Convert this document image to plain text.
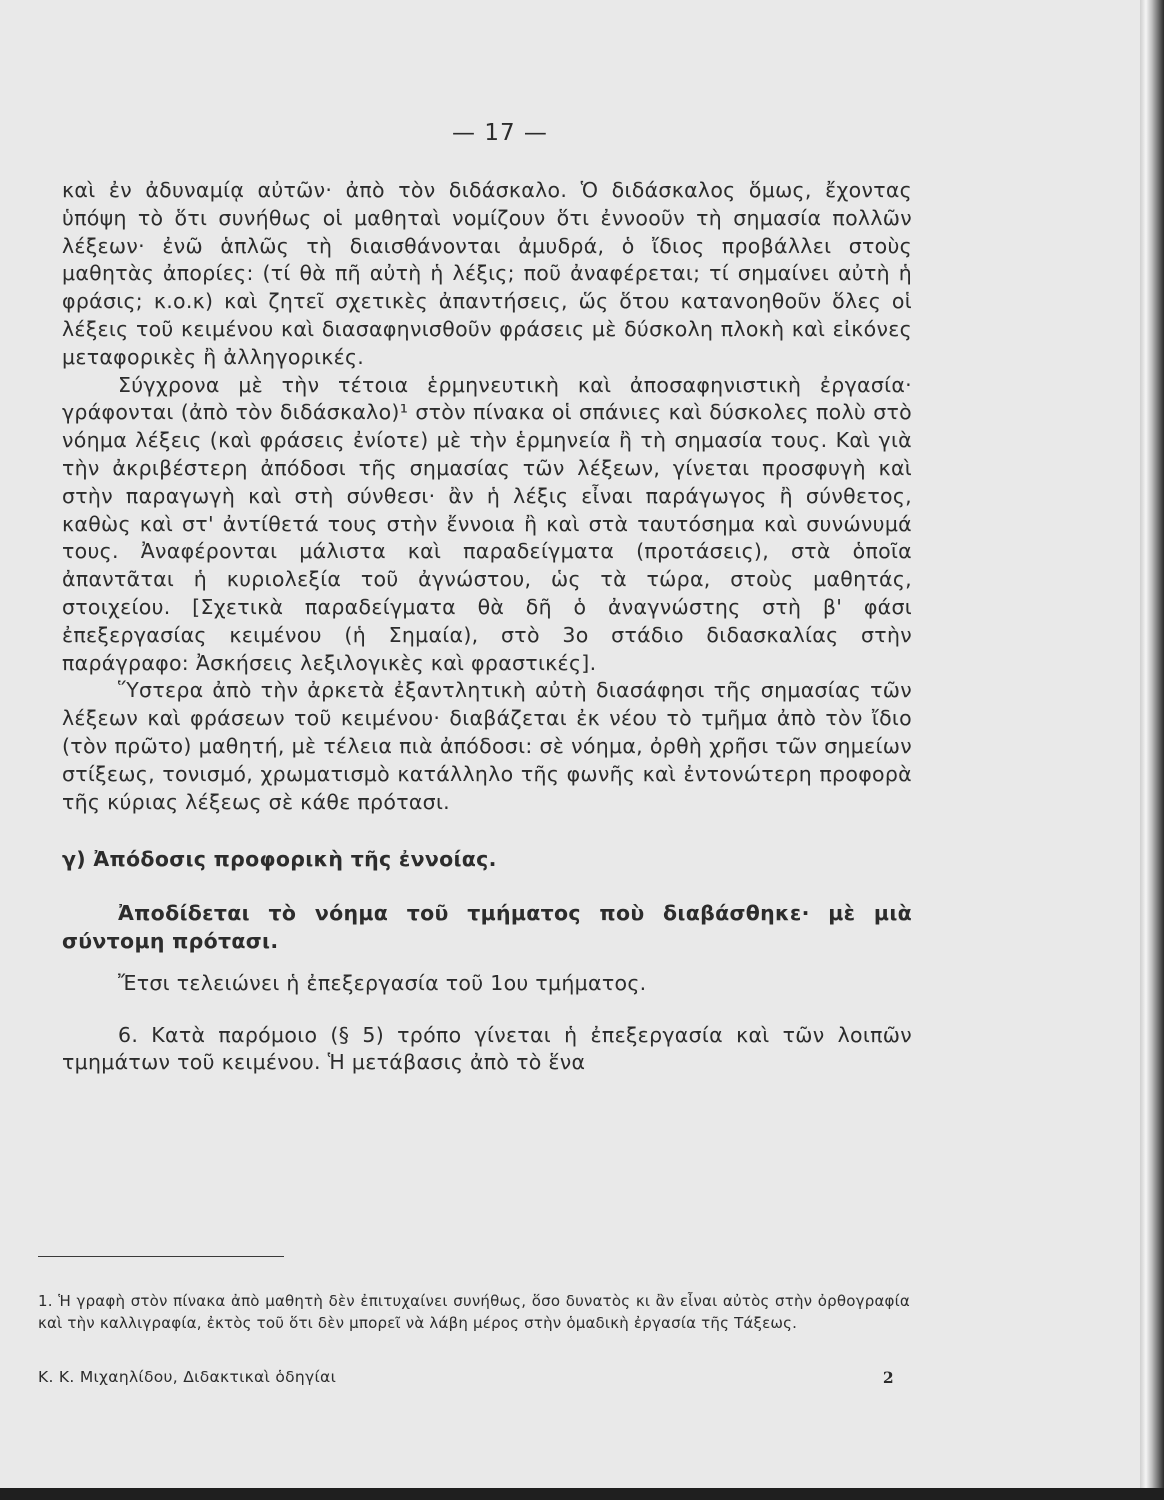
— 17 —

καὶ ἐν ἀδυναμίᾳ αὐτῶν· ἀπὸ τὸν διδάσκαλο. Ὁ διδάσκαλος ὅμως, ἔχοντας ὑπόψη τὸ ὅτι συνήθως οἱ μαθηταὶ νομίζουν ὅτι ἐννοοῦν τὴ σημασία πολλῶν λέξεων· ἐνῶ ἁπλῶς τὴ διαισθάνονται ἀμυδρά, ὁ ἴδιος προβάλλει στοὺς μαθητὰς ἀπορίες: (τί θὰ πῆ αὐτὴ ἡ λέξις; ποῦ ἀναφέρεται; τί σημαίνει αὐτὴ ἡ φράσις; κ.ο.κ) καὶ ζητεῖ σχετικὲς ἀπαντήσεις, ὥς ὅτου καταvοηθοῦν ὅλες οἱ λέξεις τοῦ κειμένου καὶ διασαφηνισθοῦν φράσεις μὲ δύσκολη πλοκὴ καὶ εἰκόνες μεταφορικὲς ἢ ἀλληγορικές.

Σύγχρονα μὲ τὴν τέτοια ἑρμηνευτικὴ καὶ ἀποσαφηνιστικὴ ἐργασία· γράφονται (ἀπὸ τὸν διδάσκαλο)¹ στὸν πίνακα οἱ σπάνιες καὶ δύσκολες πολὺ στὸ νόημα λέξεις (καὶ φράσεις ἐνίοτε) μὲ τὴν ἑρμηνεία ἢ τὴ σημασία τους. Καὶ γιὰ τὴν ἀκριβέστερη ἀπόδοσι τῆς σημασίας τῶν λέξεων, γίνεται προσφυγὴ καὶ στὴν παραγωγὴ καὶ στὴ σύνθεσι· ἂν ἡ λέξις εἶναι παράγωγος ἢ σύνθετος, καθὼς καὶ στ' ἀντίθετά τους στὴν ἔννοια ἢ καὶ στὰ ταυτόσημα καὶ συνώνυμά τους. Ἀναφέρονται μάλιστα καὶ παραδείγματα (προτάσεις), στὰ ὁποῖα ἀπαντᾶται ἡ κυριολεξία τοῦ ἀγνώστου, ὡς τὰ τώρα, στοὺς μαθητάς, στοιχείου. [Σχετικὰ παραδείγματα θὰ δῆ ὁ ἀναγνώστης στὴ β' φάσι ἐπεξεργασίας κειμένου (ἡ Σημαία), στὸ 3ο στάδιο διδασκαλίας στὴν παράγραφο: Ἀσκήσεις λεξιλογικὲς καὶ φραστικές].

Ὕστερα ἀπὸ τὴν ἀρκετὰ ἐξαντλητικὴ αὐτὴ διασάφησι τῆς σημασίας τῶν λέξεων καὶ φράσεων τοῦ κειμένου· διαβάζεται ἐκ νέου τὸ τμῆμα ἀπὸ τὸν ἴδιο (τὸν πρῶτο) μαθητή, μὲ τέλεια πιὰ ἀπόδοσι: σὲ νόημα, ὀρθὴ χρῆσι τῶν σημείων στίξεως, τονισμό, χρωματισμὸ κατάλληλο τῆς φωνῆς καὶ ἐντονώτερη προφορὰ τῆς κύριας λέξεως σὲ κάθε πρότασι.

γ) Ἀπόδοσις προφορικὴ τῆς ἐννοίας.

Ἀποδίδεται τὸ νόημα τοῦ τμήματος ποὺ διαβάσθηκε· μὲ μιὰ σύντομη πρότασι.

Ἔτσι τελειώνει ἡ ἐπεξεργασία τοῦ 1ου τμήματος.

6. Κατὰ παρόμοιο (§ 5) τρόπο γίνεται ἡ ἐπεξεργασία καὶ τῶν λοιπῶν τμημάτων τοῦ κειμένου. Ἡ μετάβασις ἀπὸ τὸ ἕνα

1. Ἡ γραφὴ στὸν πίνακα ἀπὸ μαθητὴ δὲν ἐπιτυχαίνει συνήθως, ὅσο δυνατὸς κι ἂν εἶναι αὐτὸς στὴν ὀρθογραφία καὶ τὴν καλλιγραφία, ἐκτὸς τοῦ ὅτι δὲν μπορεῖ νὰ λάβη μέρος στὴν ὁμαδικὴ ἐργασία τῆς Τάξεως.
Κ. Κ. Μιχαηλίδου, Διδακτικαὶ ὁδηγίαι	2
